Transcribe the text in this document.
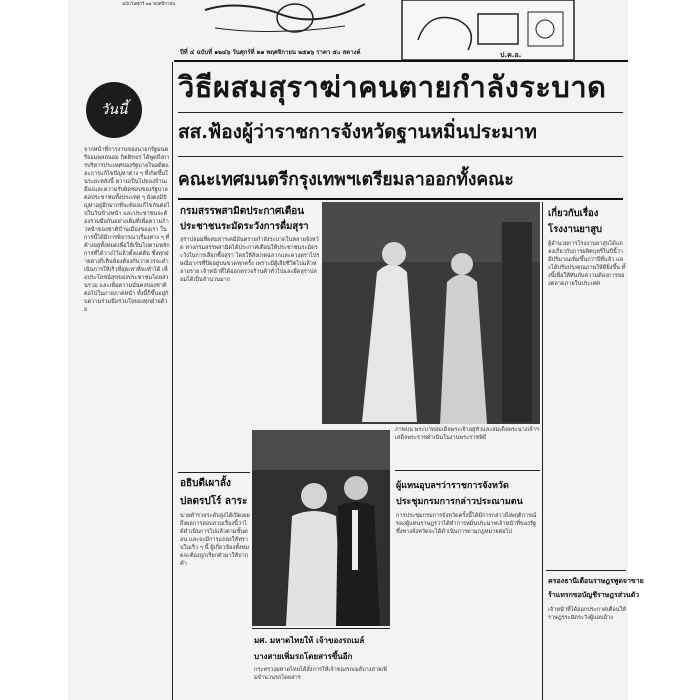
ฉบับวันศุกร์ ๒๑ พฤศจิกายน
ป.ค.อ.
ปีที่ ๔ ฉบับที่ ๑๒๔๖ วันศุกร์ที่ ๒๑ พฤศจิกายน ๒๕๑๖ ราคา ๕๐ สตางค์
วันนี้
จากหน้าที่การงานของนายกรัฐมนตรีจอมพลถนอม กิตติขจร ได้พูดถึงการบริหารประเทศของรัฐบาลในอดีตและการแก้ไขปัญหาต่าง ๆ ที่เกิดขึ้นในระยะหลังนี้ ความเป็นไปของบ้านเมืองและความรับผิดชอบของรัฐบาลต่อประชาชนทั้งประเทศ ๆ ยังคงมีปัญหาอยู่อีกมากที่จะต้องแก้ไขกันต่อไปในวันข้างหน้า และประชาชนจะต้องร่วมมือกันอย่างเต็มที่เพื่อความก้าวหน้าของชาติบ้านเมืองของเรา ในการนี้ได้มีการพิจารณาเรื่องต่าง ๆ ที่ค้างอยู่ทั้งหมดเพื่อให้เป็นไปตามหลักการที่ได้วางไว้แล้วตั้งแต่ต้น ซึ่งทุกฝ่ายต่างก็เห็นพ้องต้องกันว่าควรจะดำเนินการให้เร็วที่สุดเท่าที่จะทำได้ เพื่อประโยชน์สุขของประชาชนโดยส่วนรวม และเพื่อความมั่นคงของชาติต่อไปในภายภาคหน้า ทั้งนี้ก็ขึ้นอยู่กับความร่วมมือร่วมใจของทุกฝ่ายด้วย
วิธีผสมสุราฆ่าคนตายกำลังระบาด
สส.ฟ้องผู้ว่าราชการจังหวัดฐานหมิ่นประมาท
คณะเทศมนตรีกรุงเทพฯเตรียมลาออกทั้งคณะ
กรมสรรพสามิตประกาศเตือน
ประชาชนระมัดระวังการดื่มสุรา
สุราปลอมที่ผสมสารเคมีอันตรายกำลังระบาดในหลายจังหวัด ทางกรมสรรพสามิตได้ประกาศเตือนให้ประชาชนระมัดระวังในการเลือกซื้อสุรา โดยให้สังเกตฉลากและดวงตราไปรษณียากรที่ปิดอยู่บนขวดทุกครั้ง เพราะมีผู้เสียชีวิตไปแล้วหลายราย เจ้าหน้าที่ได้ออกตรวจร้านค้าทั่วไปและยึดสุราปลอมได้เป็นจำนวนมาก
เกี่ยวกับเรื่อง
โรงงานยาสูบ
ผู้อำนวยการโรงงานยาสูบได้แถลงเกี่ยวกับการผลิตบุหรี่ในปีนี้ว่ามีปริมาณเพิ่มขึ้นกว่าปีที่แล้ว และได้ปรับปรุงคุณภาพให้ดียิ่งขึ้น ทั้งนี้เพื่อให้ทันกับความต้องการของตลาดภายในประเทศ
ภาพบน พระบาทสมเด็จพระเจ้าอยู่หัวและสมเด็จพระนางเจ้าฯ เสด็จพระราชดำเนินในงานพระราชพิธี
อธิบดีเผาลั้ง
ปลดรปโร์ ลาระ
นายตำรวจระดับสูงได้เปิดเผยถึงผลการสอบสวนเรื่องนี้ว่าได้ดำเนินการไปแล้วตามขั้นตอน และจะมีการแถลงให้ทราบในเร็ว ๆ นี้ ผู้เกี่ยวข้องทั้งหมดจะต้องถูกเรียกตัวมาให้ปากคำ
ผู้แทนอุบลฯว่าราชการจังหวัด
ประชุมกรมการกล่าวประณามตน
การประชุมกรมการจังหวัดครั้งนี้ได้มีการกล่าวถึงพฤติการณ์ของผู้แทนราษฎรว่าได้ทำการหมิ่นประมาทเจ้าหน้าที่ของรัฐ ซึ่งทางจังหวัดจะได้ดำเนินการตามกฎหมายต่อไป
ครองธานีเตือนราษฎรพูดจาขาย
ร้าแทรกขอบัญชีราษฎรส่วนตัว
เจ้าหน้าที่ได้ออกประกาศเตือนให้ราษฎรระมัดระวังผู้แอบอ้าง
มศ. มหาดไทยให้ เจ้าของรถเมล์
บางสายเพิ่มรถโดยสารขึ้นอีก
กระทรวงมหาดไทยได้สั่งการให้เจ้าของรถเมล์บางสายเพิ่มจำนวนรถโดยสาร
